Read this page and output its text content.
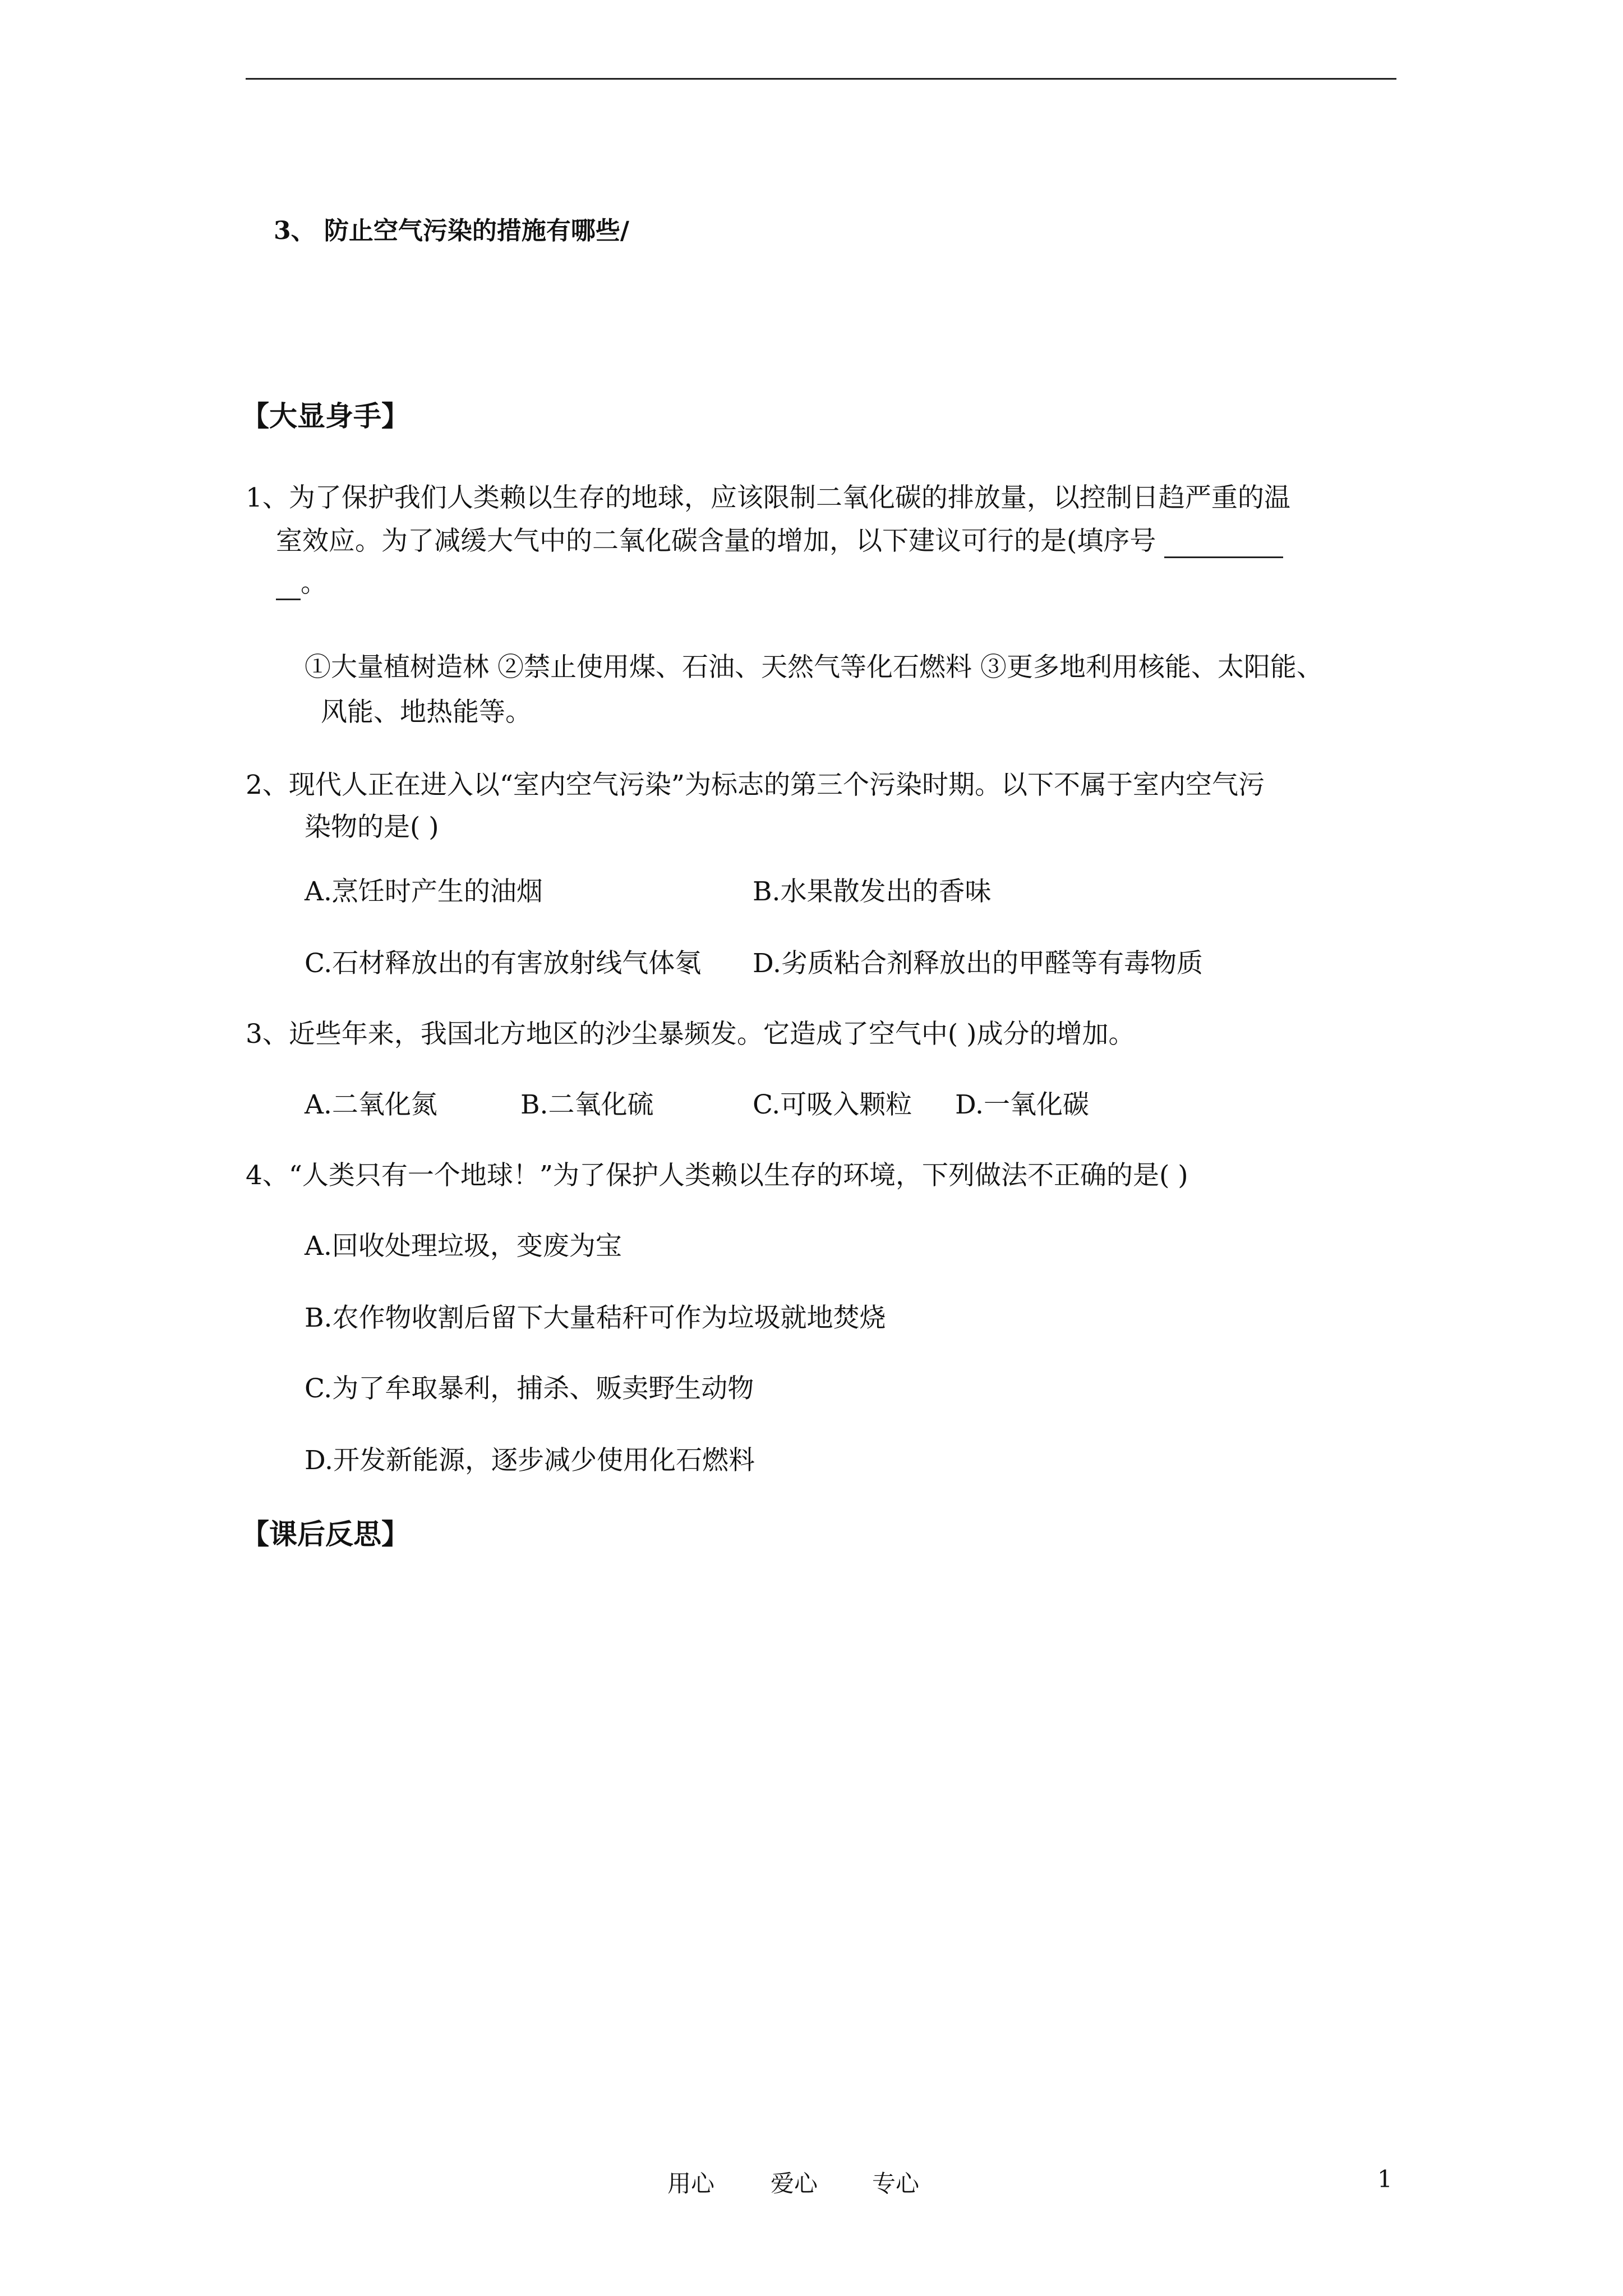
3、 防止空气污染的措施有哪些/
【大显身手】
1、为了保护我们人类赖以生存的地球，应该限制二氧化碳的排放量，以控制日趋严重的温
室效应。为了减缓大气中的二氧化碳含量的增加，以下建议可行的是(填序号
。
①大量植树造林 ②禁止使用煤、石油、天然气等化石燃料 ③更多地利用核能、太阳能、
风能、地热能等。
2、现代人正在进入以“室内空气污染”为标志的第三个污染时期。以下不属于室内空气污
染物的是( )
A.烹饪时产生的油烟	B.水果散发出的香味
C.石材释放出的有害放射线气体氡 D.劣质粘合剂释放出的甲醛等有毒物质
3、近些年来，我国北方地区的沙尘暴频发。它造成了空气中( )成分的增加。
A.二氧化氮	B.二氧化硫	C.可吸入颗粒 D.一氧化碳
4、“人类只有一个地球！”为了保护人类赖以生存的环境，下列做法不正确的是( )
A.回收处理垃圾，变废为宝
B.农作物收割后留下大量秸秆可作为垃圾就地焚烧
C.为了牟取暴利，捕杀、贩卖野生动物
D.开发新能源，逐步减少使用化石燃料
【课后反思】
用心 爱心 专心	1
